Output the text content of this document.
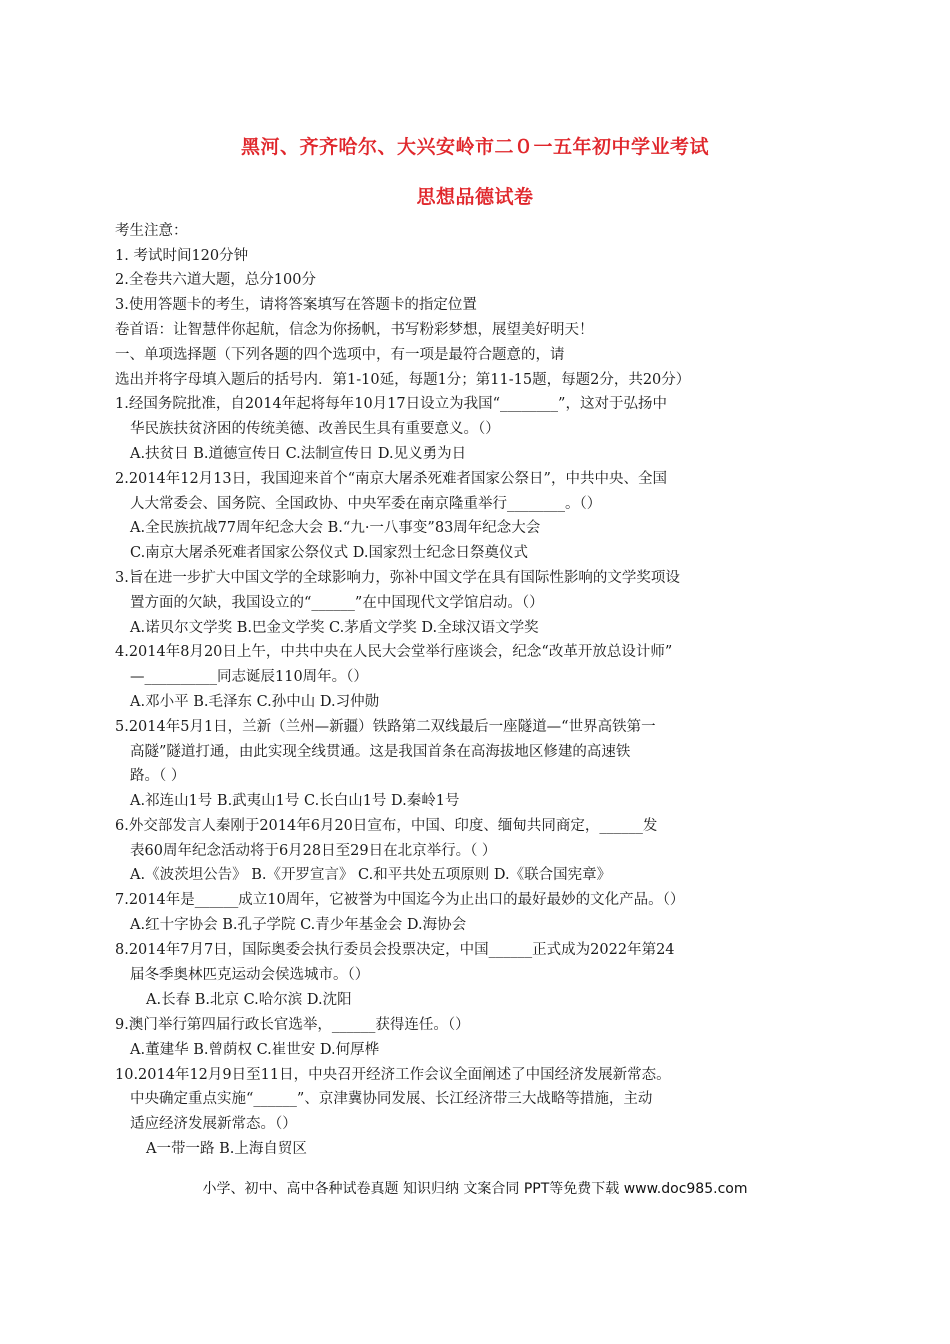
黑河、齐齐哈尔、大兴安岭市二０一五年初中学业考试
思想品德试卷
考生注意：
1. 考试时间120分钟
2.全卷共六道大题，总分100分
3.使用答题卡的考生，请将答案填写在答题卡的指定位置
卷首语：让智慧伴你起航，信念为你扬帆，书写粉彩梦想，展望美好明天！
一、单项选择题（下列各题的四个选项中，有一项是最符合题意的，请
选出并将字母填入题后的括号内．第1-10延，每题1分；第11-15题，每题2分，共20分）
1.经国务院批准，自2014年起将每年10月17日设立为我国“________”，这对于弘扬中
华民族扶贫济困的传统美德、改善民生具有重要意义。（）
A.扶贫日 B.道德宣传日 C.法制宣传日 D.见义勇为日
2.2014年12月13日，我国迎来首个“南京大屠杀死难者国家公祭日”，中共中央、全国
人大常委会、国务院、全国政协、中央军委在南京隆重举行________。（）
A.全民族抗战77周年纪念大会 B.“九·一八事变”83周年纪念大会
C.南京大屠杀死难者国家公祭仪式 D.国家烈士纪念日祭奠仪式
3.旨在进一步扩大中国文学的全球影响力，弥补中国文学在具有国际性影响的文学奖项设
置方面的欠缺，我国设立的“______”在中国现代文学馆启动。（）
A.诺贝尔文学奖 B.巴金文学奖 C.茅盾文学奖 D.全球汉语文学奖
4.2014年8月20日上午，中共中央在人民大会堂举行座谈会，纪念“改革开放总设计师”
—__________同志诞辰110周年。（）
A.邓小平 B.毛泽东 C.孙中山 D.习仲勋
5.2014年5月1日，兰新（兰州—新疆）铁路第二双线最后一座隧道—“世界高铁第一
高隧”隧道打通，由此实现全线贯通。这是我国首条在高海拔地区修建的高速铁
路。（ ）
A.祁连山1号 B.武夷山1号 C.长白山1号 D.秦岭1号
6.外交部发言人秦刚于2014年6月20日宣布，中国、印度、缅甸共同商定，______发
表60周年纪念活动将于6月28日至29日在北京举行。（ ）
A.《波茨坦公告》 B.《开罗宣言》 C.和平共处五项原则 D.《联合国宪章》
7.2014年是______成立10周年，它被誉为中国迄今为止出口的最好最妙的文化产品。（）
A.红十字协会 B.孔子学院 C.青少年基金会 D.海协会
8.2014年7月7日，国际奥委会执行委员会投票决定，中国______正式成为2022年第24
届冬季奥林匹克运动会侯选城市。（）
A.长春 B.北京 C.哈尔滨 D.沈阳
9.澳门举行第四届行政长官选举，______获得连任。（）
A.董建华 B.曾荫权 C.崔世安 D.何厚桦
10.2014年12月9日至11日，中央召开经济工作会议全面阐述了中国经济发展新常态。
中央确定重点实施“______”、京津冀协同发展、长江经济带三大战略等措施，主动
适应经济发展新常态。（）
A一带一路 B.上海自贸区
小学、初中、高中各种试卷真题 知识归纳 文案合同 PPT等免费下载 www.doc985.com
